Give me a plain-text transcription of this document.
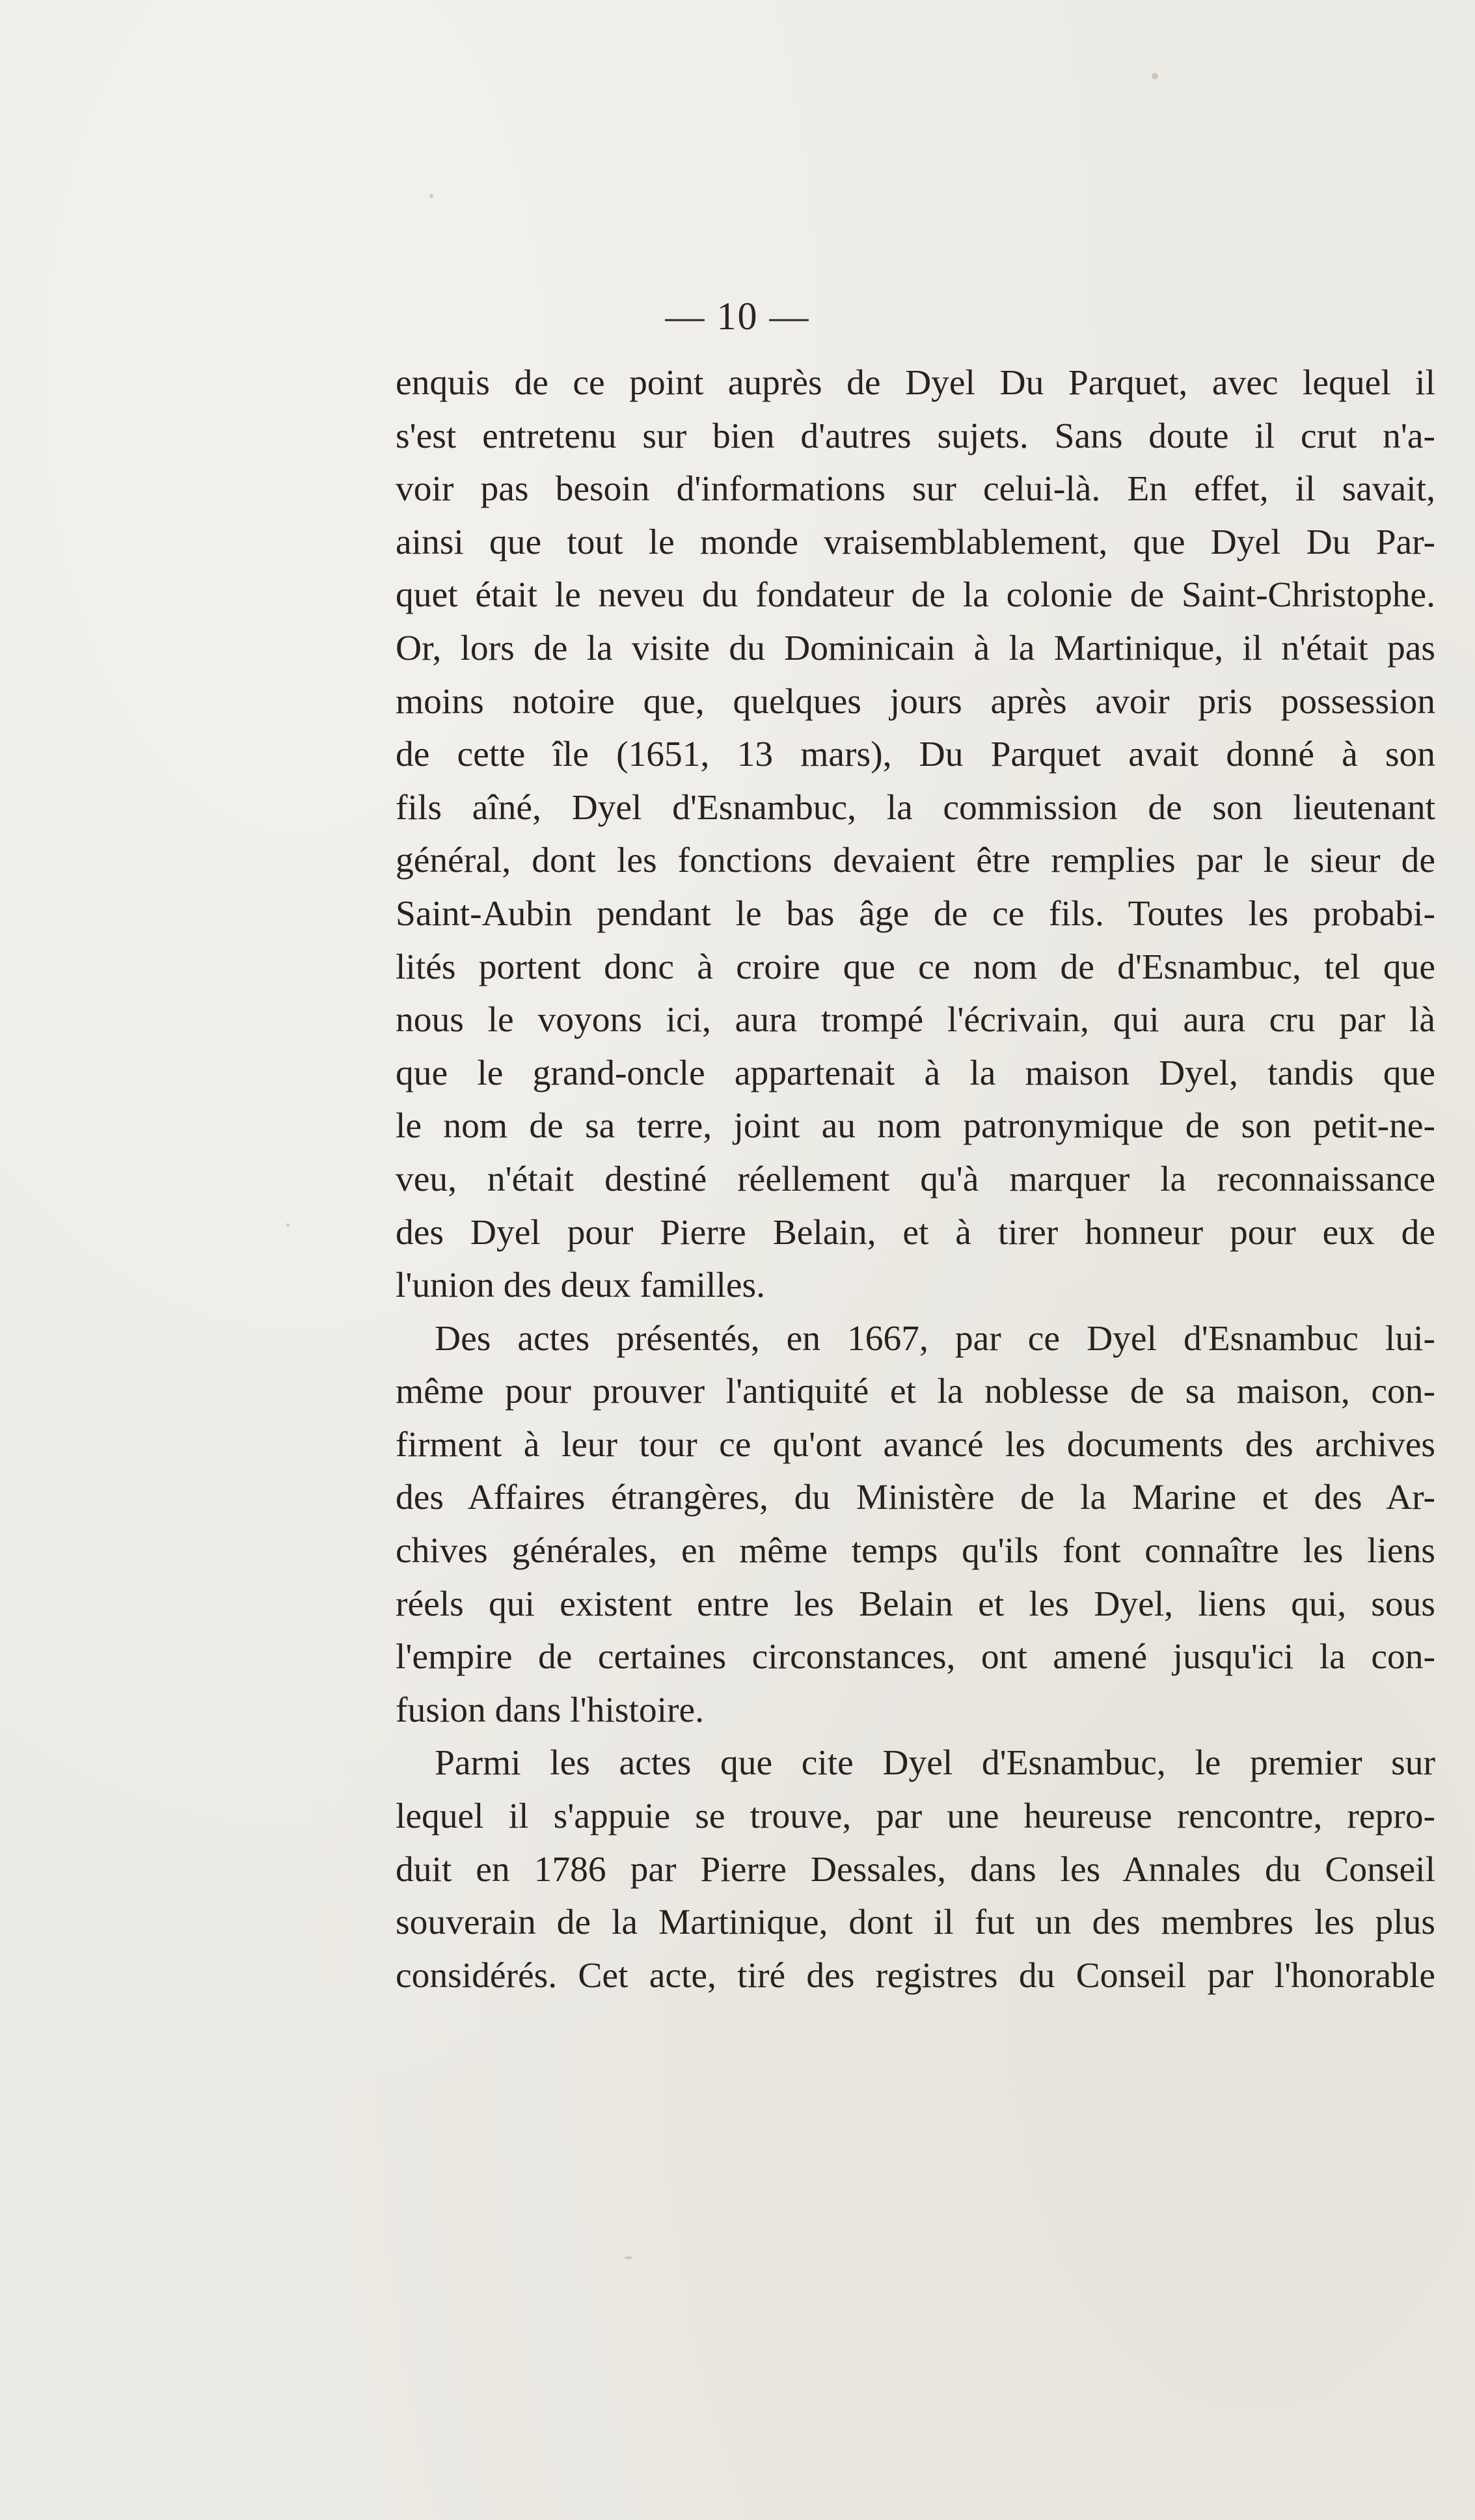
— 10 —
enquis de ce point auprès de Dyel Du Parquet, avec lequel il
s'est entretenu sur bien d'autres sujets. Sans doute il crut n'a-
voir pas besoin d'informations sur celui-là. En effet, il savait,
ainsi que tout le monde vraisemblablement, que Dyel Du Par-
quet était le neveu du fondateur de la colonie de Saint-Christophe.
Or, lors de la visite du Dominicain à la Martinique, il n'était pas
moins notoire que, quelques jours après avoir pris possession
de cette île (1651, 13 mars), Du Parquet avait donné à son
fils aîné, Dyel d'Esnambuc, la commission de son lieutenant
général, dont les fonctions devaient être remplies par le sieur de
Saint-Aubin pendant le bas âge de ce fils. Toutes les probabi-
lités portent donc à croire que ce nom de d'Esnambuc, tel que
nous le voyons ici, aura trompé l'écrivain, qui aura cru par là
que le grand-oncle appartenait à la maison Dyel, tandis que
le nom de sa terre, joint au nom patronymique de son petit-ne-
veu, n'était destiné réellement qu'à marquer la reconnaissance
des Dyel pour Pierre Belain, et à tirer honneur pour eux de
l'union des deux familles.
Des actes présentés, en 1667, par ce Dyel d'Esnambuc lui-
même pour prouver l'antiquité et la noblesse de sa maison, con-
firment à leur tour ce qu'ont avancé les documents des archives
des Affaires étrangères, du Ministère de la Marine et des Ar-
chives générales, en même temps qu'ils font connaître les liens
réels qui existent entre les Belain et les Dyel, liens qui, sous
l'empire de certaines circonstances, ont amené jusqu'ici la con-
fusion dans l'histoire.
Parmi les actes que cite Dyel d'Esnambuc, le premier sur
lequel il s'appuie se trouve, par une heureuse rencontre, repro-
duit en 1786 par Pierre Dessales, dans les Annales du Conseil
souverain de la Martinique, dont il fut un des membres les plus
considérés. Cet acte, tiré des registres du Conseil par l'honorable
